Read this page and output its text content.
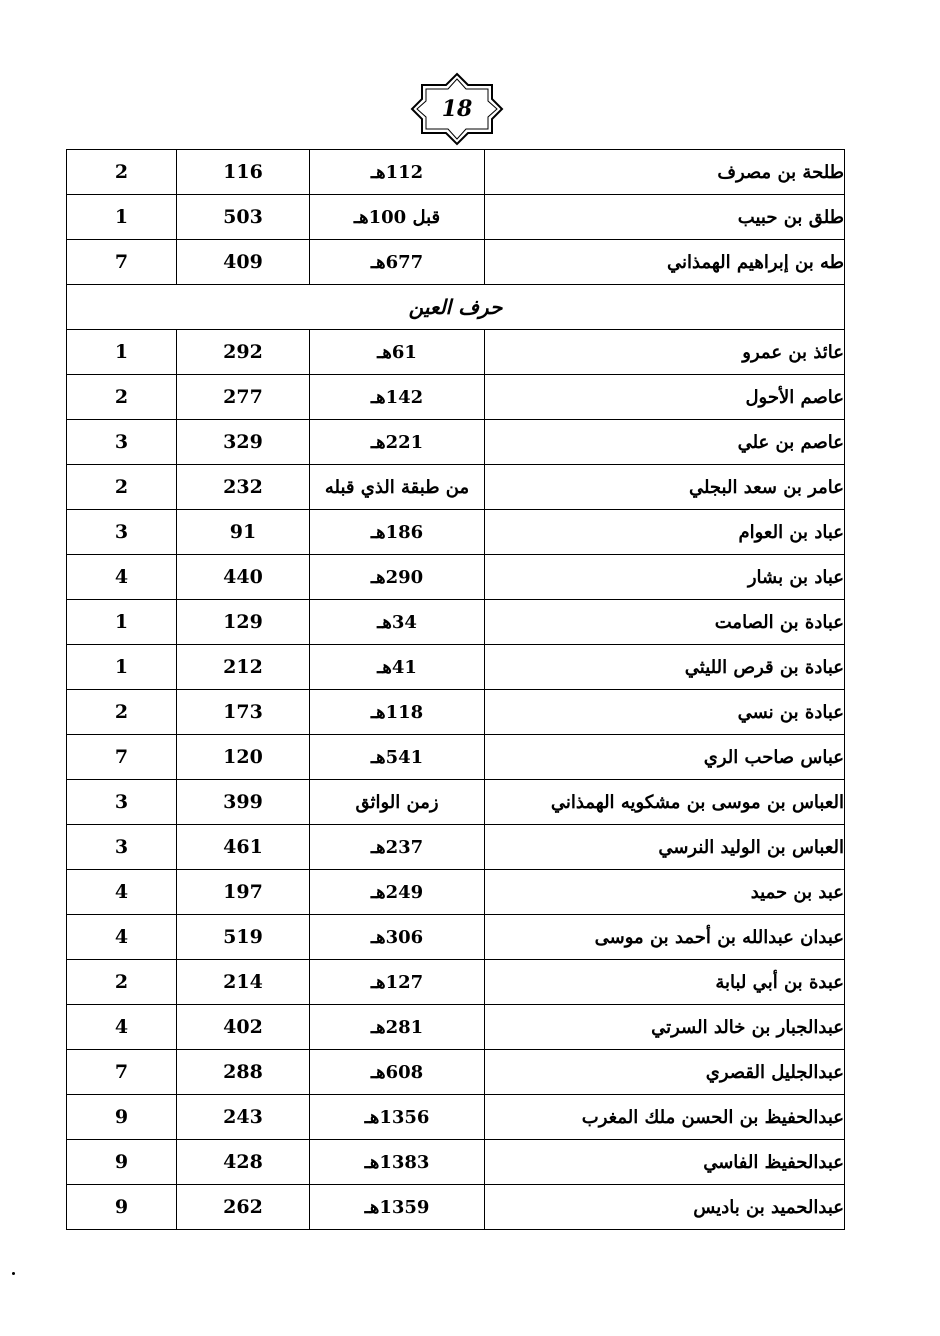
18
2	116	112هـ	طلحة بن مصرف
1	503	قبل 100هـ	طلق بن حبيب
7	409	677هـ	طه بن إبراهيم الهمذاني
حرف العين			
1	292	61هـ	عائذ بن عمرو
2	277	142هـ	عاصم الأحول
3	329	221هـ	عاصم بن علي
2	232	من طبقة الذي قبله	عامر بن سعد البجلي
3	91	186هـ	عباد بن العوام
4	440	290هـ	عباد بن بشار
1	129	34هـ	عبادة بن الصامت
1	212	41هـ	عبادة بن قرص الليثي
2	173	118هـ	عبادة بن نسي
7	120	541هـ	عباس صاحب الري
3	399	زمن الواثق	العباس بن موسى بن مشكويه الهمذاني
3	461	237هـ	العباس بن الوليد النرسي
4	197	249هـ	عبد بن حميد
4	519	306هـ	عبدان عبدالله بن أحمد بن موسى
2	214	127هـ	عبدة بن أبي لبابة
4	402	281هـ	عبدالجبار بن خالد السرتي
7	288	608هـ	عبدالجليل القصري
9	243	1356هـ	عبدالحفيظ بن الحسن ملك المغرب
9	428	1383هـ	عبدالحفيظ الفاسي
9	262	1359هـ	عبدالحميد بن باديس
